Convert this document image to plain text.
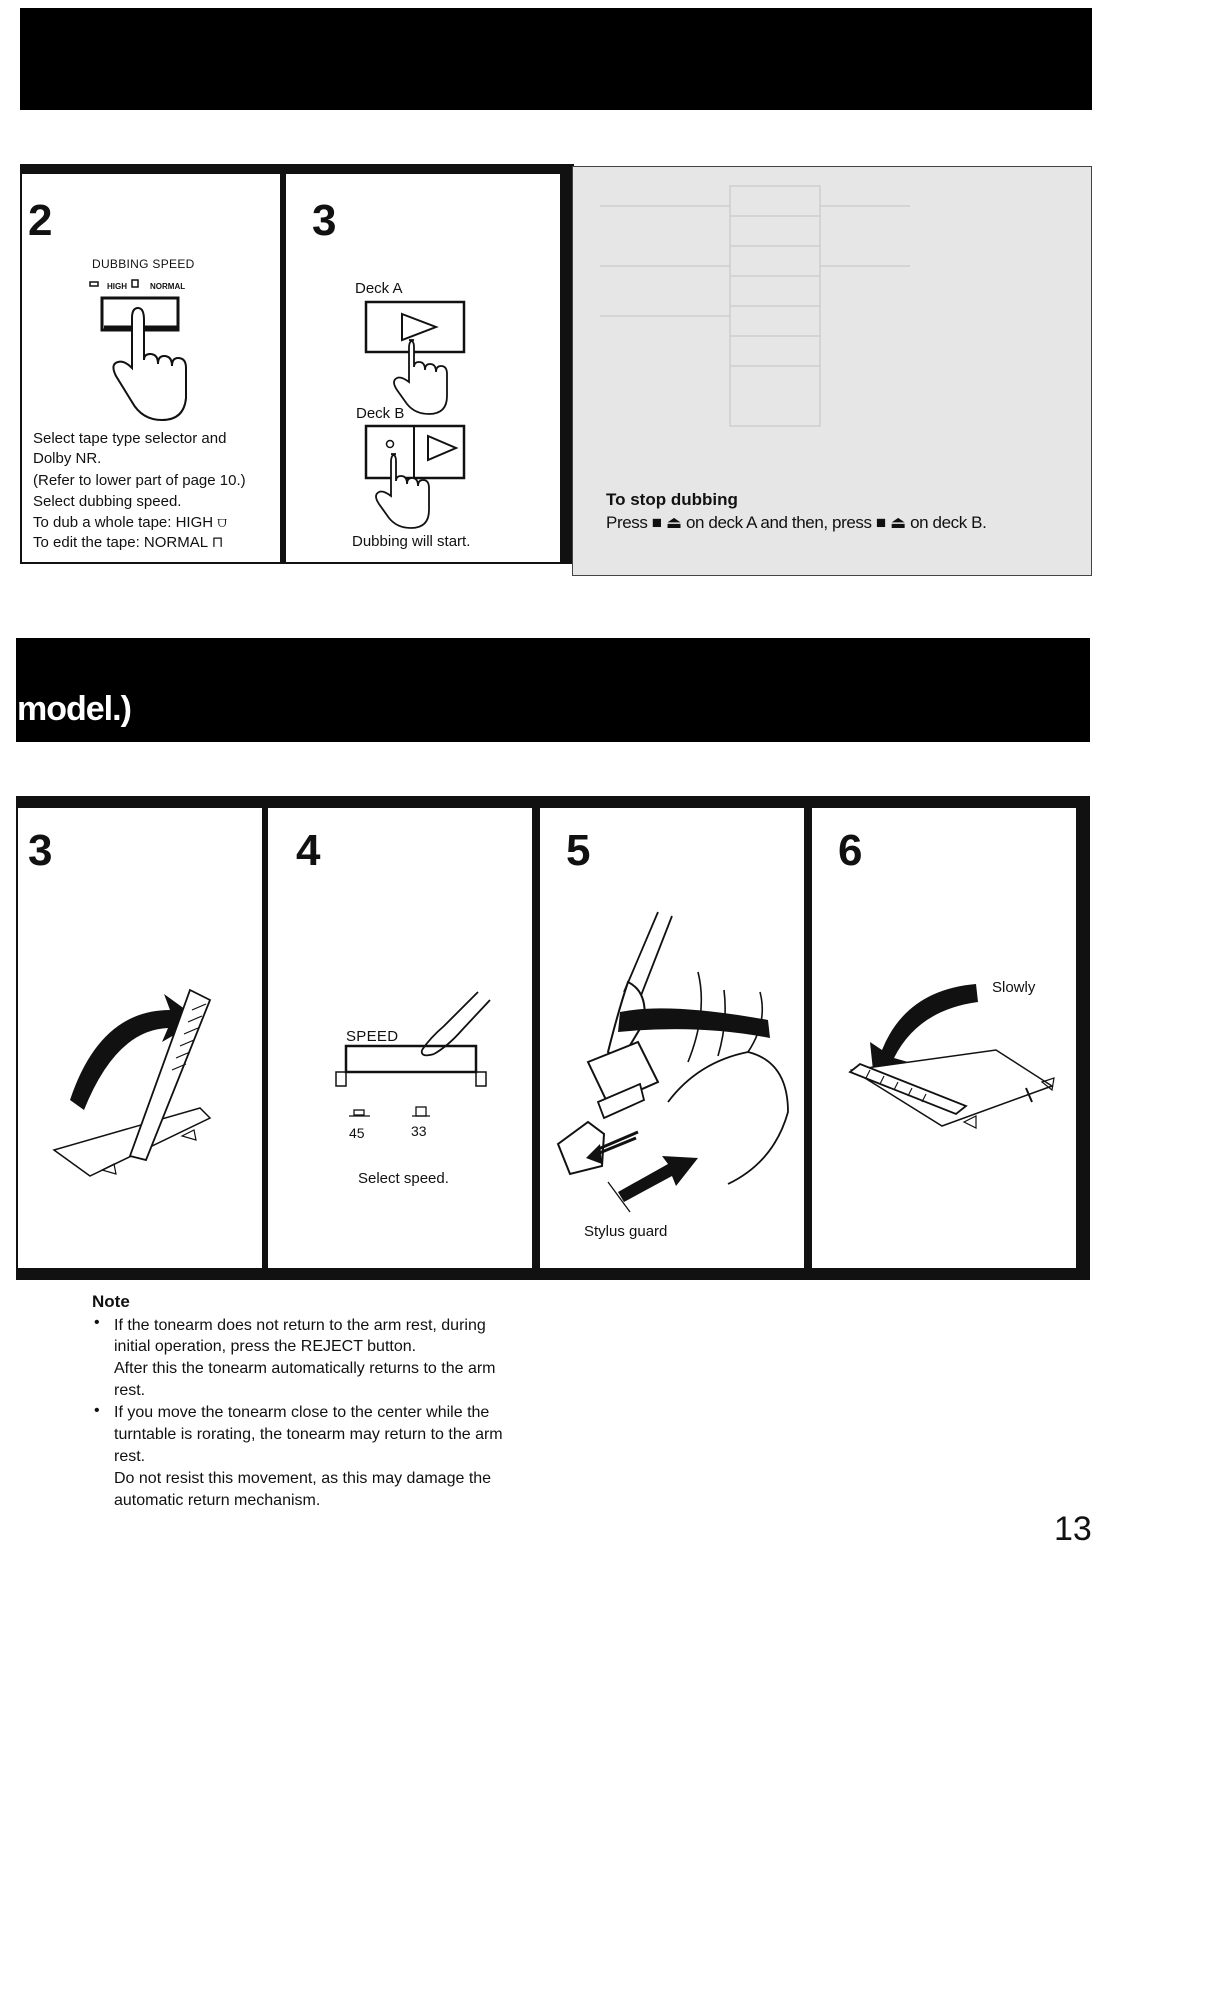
2
DUBBING SPEED
HIGH	NORMAL
Select tape type selector and
Dolby NR.
(Refer to lower part of page 10.)
Select dubbing speed.
To dub a whole tape: HIGH ⩌
To edit the tape: NORMAL ⊓
3
Deck A
Deck B
Dubbing will start.
To stop dubbing
Press ■ ⏏ on deck A and then, press ■ ⏏ on deck B.
model.)
3	4
SPEED
45	33
Select speed.
5
Stylus guard
6
Slowly
Note
• If the tonearm does not return to the arm rest, during
initial operation, press the REJECT button.
After this the tonearm automatically returns to the arm
rest.
• If you move the tonearm close to the center while the
turntable is rorating, the tonearm may return to the arm
rest.
Do not resist this movement, as this may damage the
automatic return mechanism.
13
